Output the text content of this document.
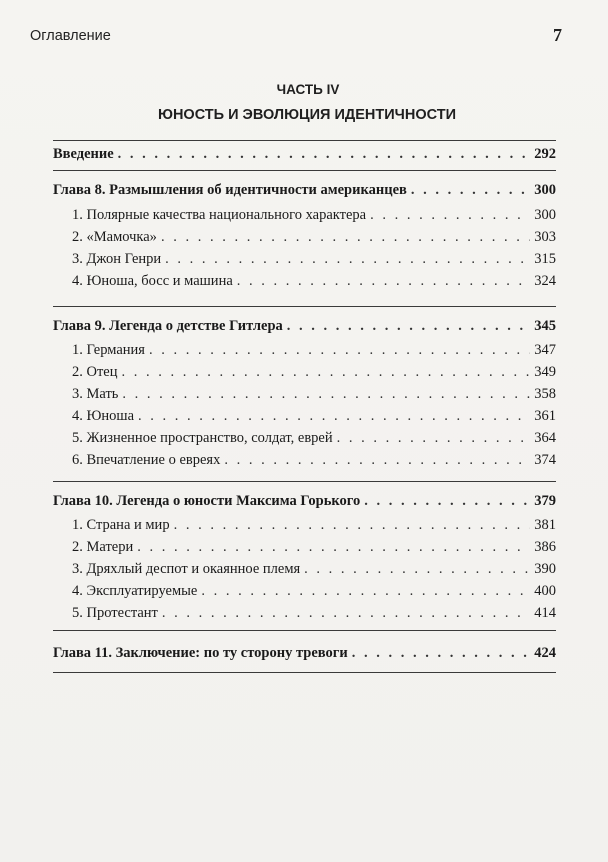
Оглавление	7
ЧАСТЬ IV
ЮНОСТЬ И ЭВОЛЮЦИЯ ИДЕНТИЧНОСТИ
Введение . . .	292
Глава 8. Размышления об идентичности американцев . . .	300
1. Полярные качества национального характера . . .	300
2. «Мамочка» . . .	303
3. Джон Генри . . .	315
4. Юноша, босс и машина . . .	324
Глава 9. Легенда о детстве Гитлера . . .	345
1. Германия . . .	347
2. Отец . . .	349
3. Мать . . .	358
4. Юноша . . .	361
5. Жизненное пространство, солдат, еврей . . .	364
6. Впечатление о евреях . . .	374
Глава 10. Легенда о юности Максима Горького . . .	379
1. Страна и мир . . .	381
2. Матери . . .	386
3. Дряхлый деспот и окаянное племя . . .	390
4. Эксплуатируемые . . .	400
5. Протестант . . .	414
Глава 11. Заключение: по ту сторону тревоги . . .	424
